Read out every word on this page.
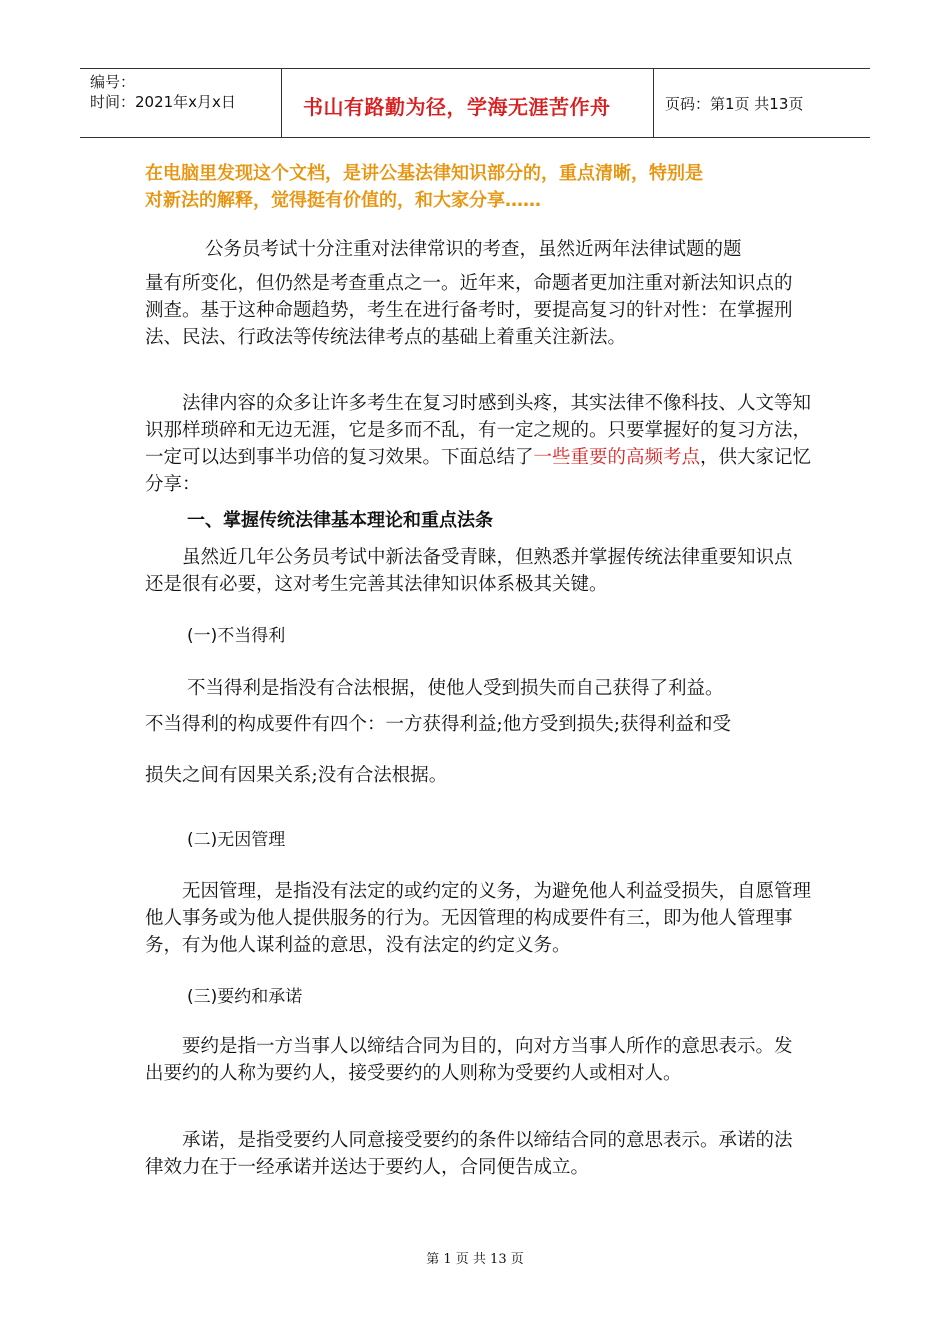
编号：
时间：2021年x月x日	书山有路勤为径，学海无涯苦作舟	页码：第1页 共13页
在电脑里发现这个文档，是讲公基法律知识部分的，重点清晰，特别是
对新法的解释，觉得挺有价值的，和大家分享……
公务员考试十分注重对法律常识的考查，虽然近两年法律试题的题
量有所变化，但仍然是考查重点之一。近年来，命题者更加注重对新法知识点的测查。基于这种命题趋势，考生在进行备考时，要提高复习的针对性：在掌握刑法、民法、行政法等传统法律考点的基础上着重关注新法。
法律内容的众多让许多考生在复习时感到头疼，其实法律不像科技、人文等知识那样琐碎和无边无涯，它是多而不乱，有一定之规的。只要掌握好的复习方法，一定可以达到事半功倍的复习效果。下面总结了一些重要的高频考点，供大家记忆分享：
一、掌握传统法律基本理论和重点法条
虽然近几年公务员考试中新法备受青睐，但熟悉并掌握传统法律重要知识点还是很有必要，这对考生完善其法律知识体系极其关键。
(一)不当得利
不当得利是指没有合法根据，使他人受到损失而自己获得了利益。
不当得利的构成要件有四个：一方获得利益;他方受到损失;获得利益和受
损失之间有因果关系;没有合法根据。
(二)无因管理
无因管理，是指没有法定的或约定的义务，为避免他人利益受损失，自愿管理他人事务或为他人提供服务的行为。无因管理的构成要件有三，即为他人管理事务，有为他人谋利益的意思，没有法定的约定义务。
(三)要约和承诺
要约是指一方当事人以缔结合同为目的，向对方当事人所作的意思表示。发出要约的人称为要约人，接受要约的人则称为受要约人或相对人。
承诺，是指受要约人同意接受要约的条件以缔结合同的意思表示。承诺的法律效力在于一经承诺并送达于要约人，合同便告成立。
第 1 页 共 13 页
